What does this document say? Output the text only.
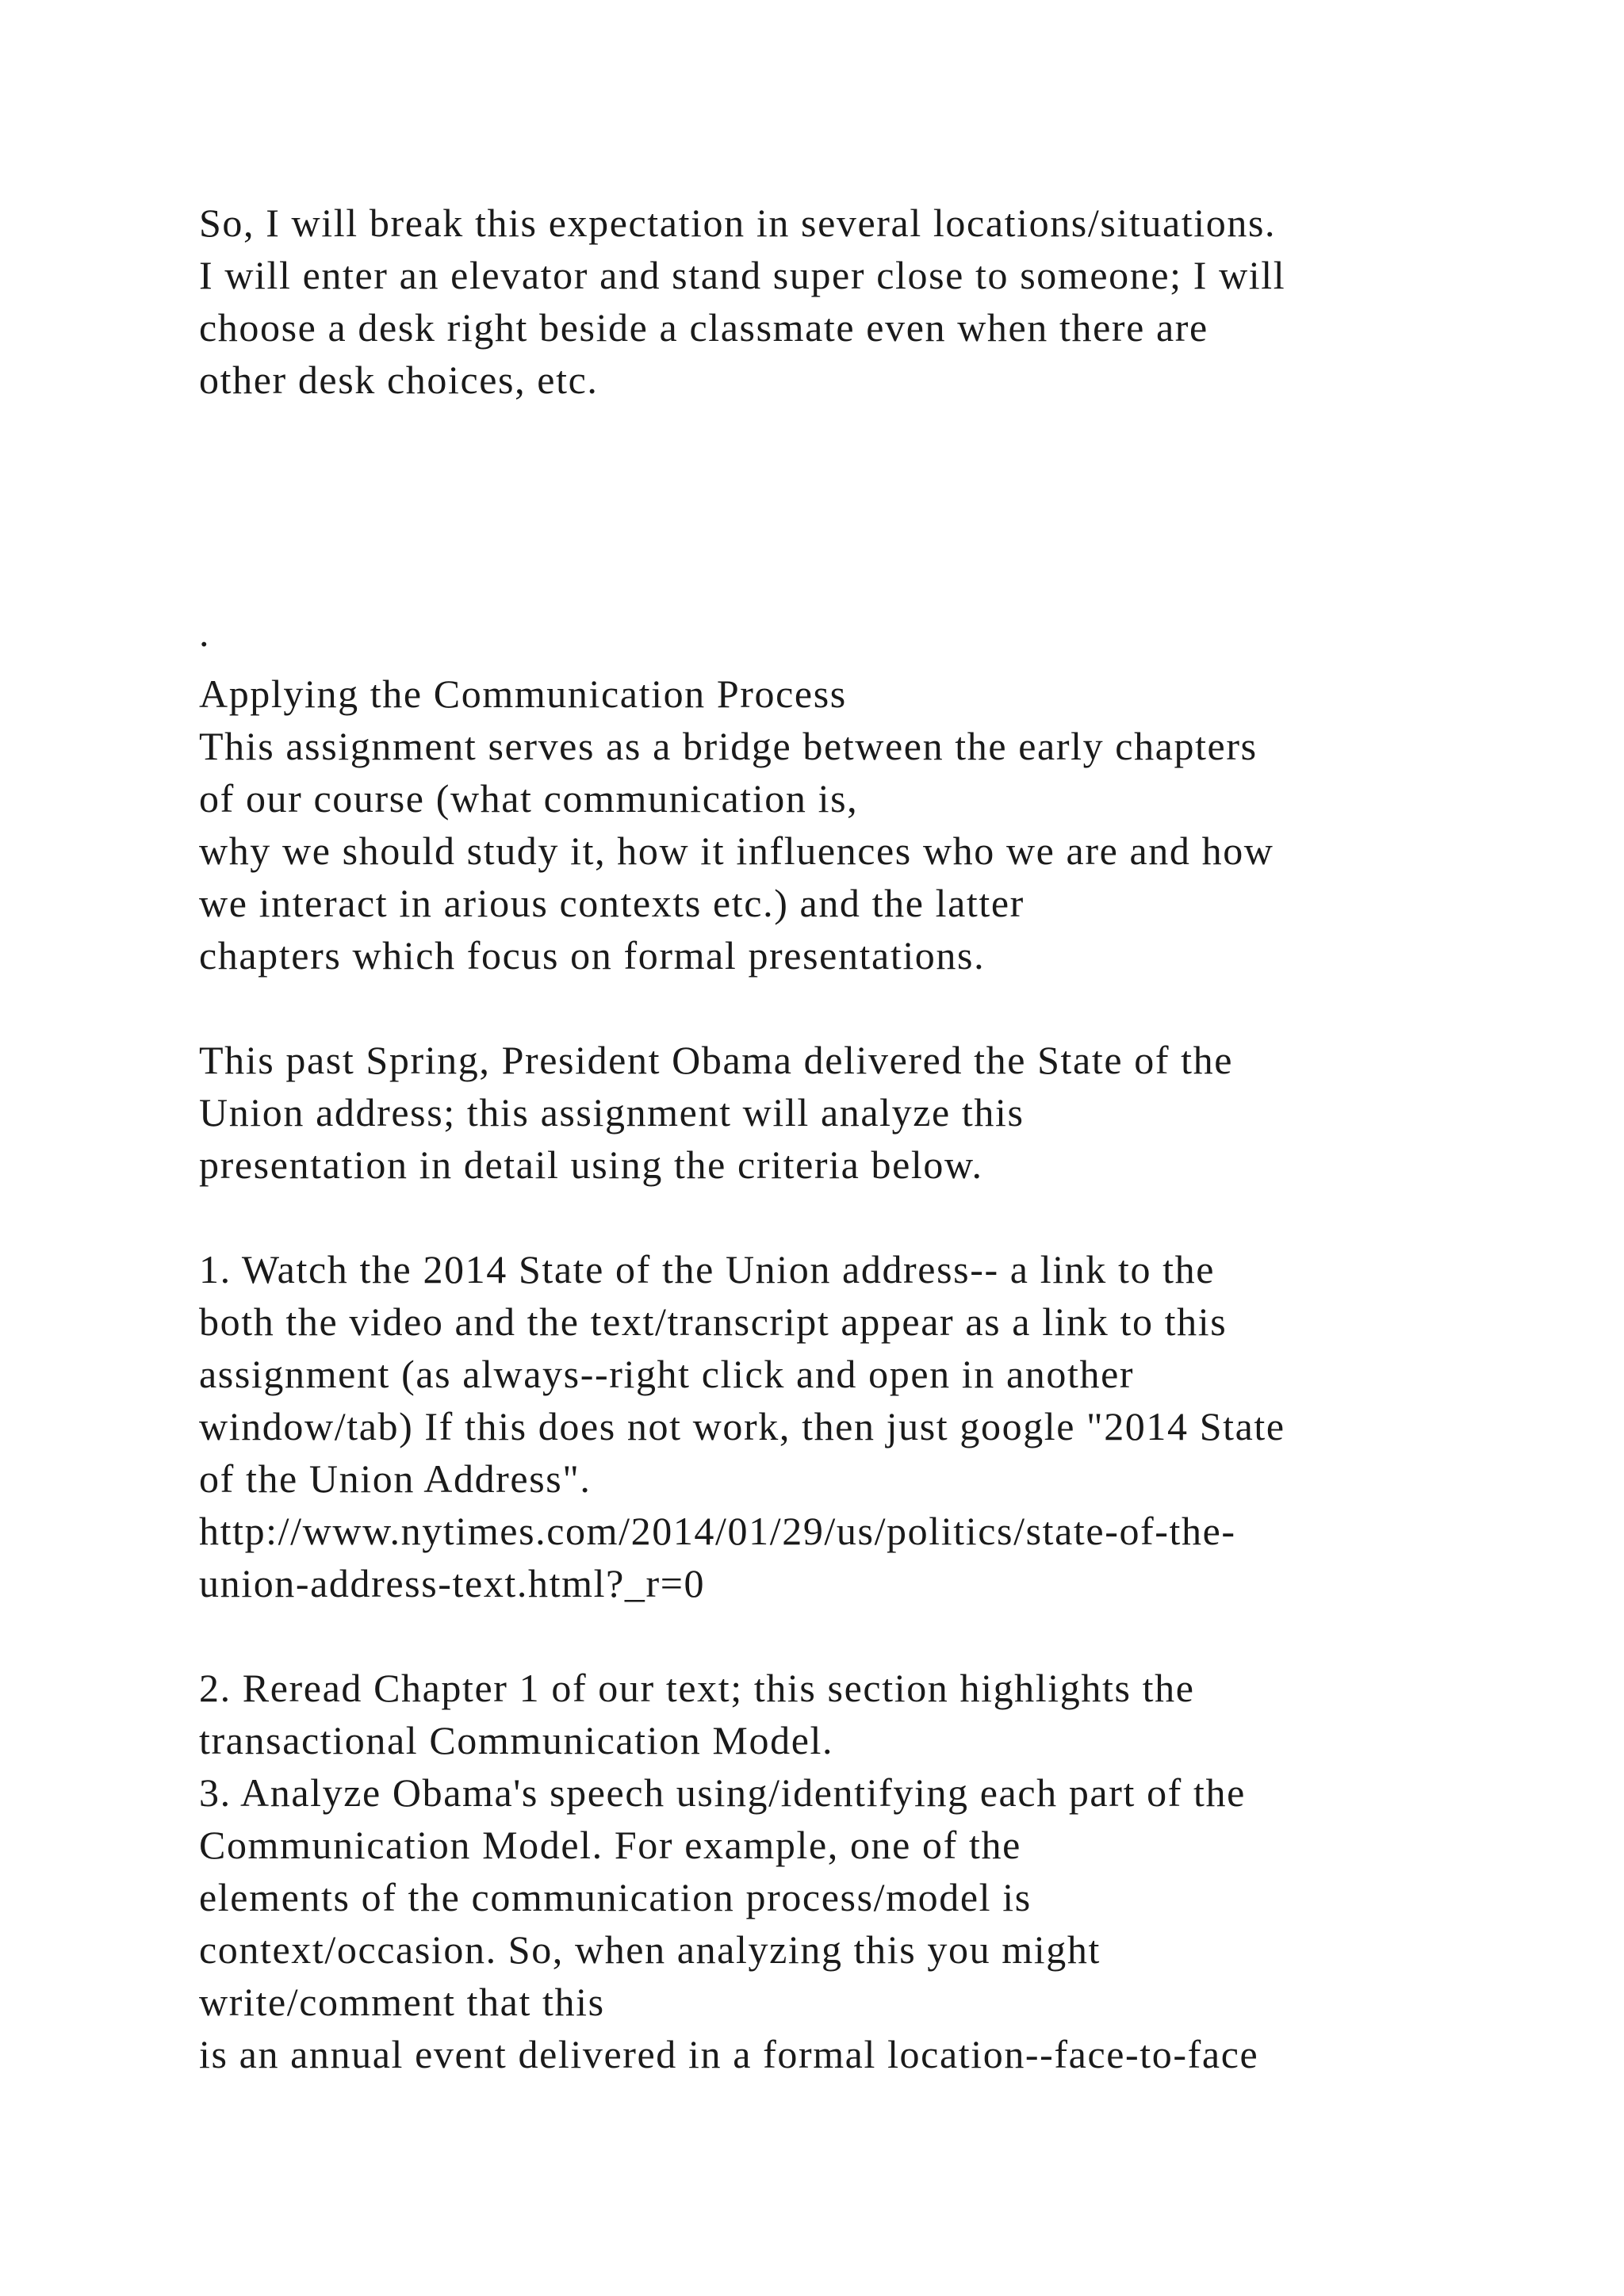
So, I will break this expectation in several locations/situations.
I will enter an elevator and stand super close to someone; I will
choose a desk right beside a classmate even when there are
other desk choices, etc.
.
Applying the Communication Process
This assignment serves as a bridge between the early chapters
of our course (what communication is,
why we should study it, how it influences who we are and how
we interact in arious contexts etc.) and the latter
chapters which focus on formal presentations.
This past Spring, President Obama delivered the State of the
Union address; this assignment will analyze this
presentation in detail using the criteria below.
1. Watch the 2014 State of the Union address-- a link to the
both the video and the text/transcript appear as a link to this
assignment (as always--right click and open in another
window/tab) If this does not work, then just google "2014 State
of the Union Address".
http://www.nytimes.com/2014/01/29/us/politics/state-of-the-
union-address-text.html?_r=0
2. Reread Chapter 1 of our text; this section highlights the
transactional Communication Model.
3. Analyze Obama's speech using/identifying each part of the
Communication Model. For example, one of the
elements of the communication process/model is
context/occasion. So, when analyzing this you might
write/comment that this
is an annual event delivered in a formal location--face-to-face
